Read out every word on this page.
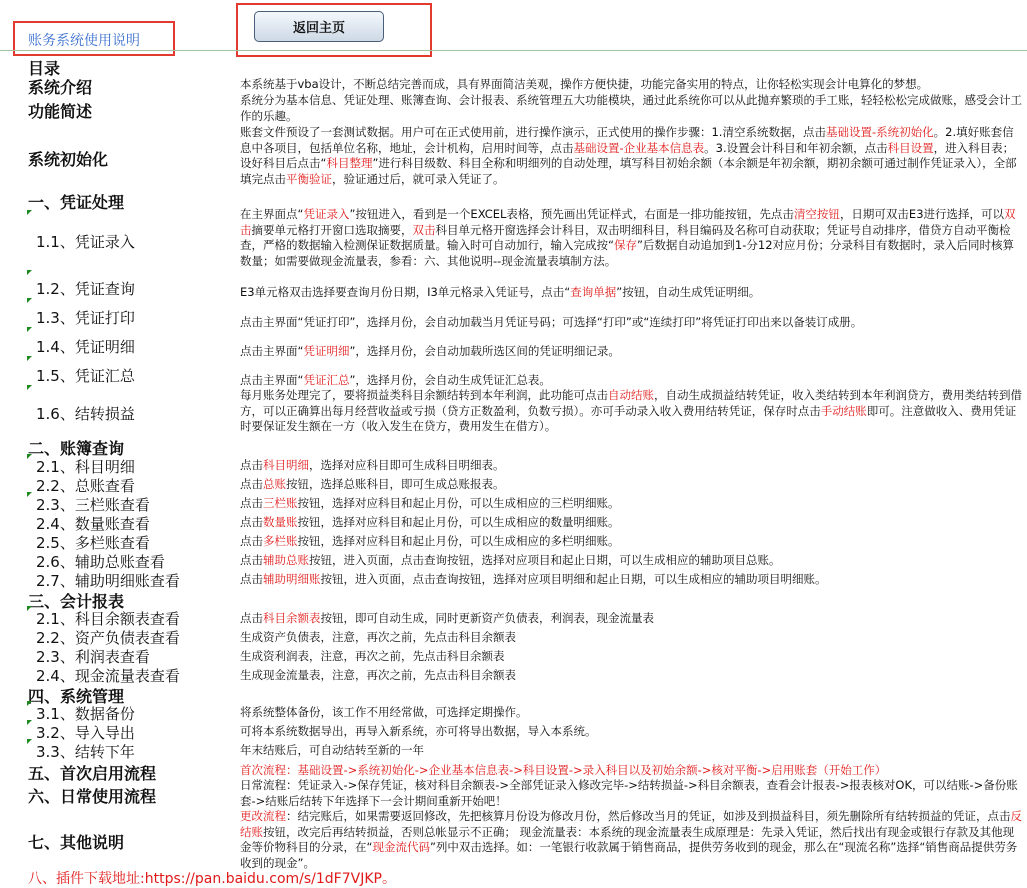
账务系统使用说明
返回主页
目录
系统介绍
功能简述
系统初始化
一、凭证处理
1.1、凭证录入
1.2、凭证查询
1.3、凭证打印
1.4、凭证明细
1.5、凭证汇总
1.6、结转损益
二、账簿查询
2.1、科目明细
2.2、总账查看
2.3、三栏账查看
2.4、数量账查看
2.5、多栏账查看
2.6、辅助总账查看
2.7、辅助明细账查看
三、会计报表
2.1、科目余额表查看
2.2、资产负债表查看
2.3、利润表查看
2.4、现金流量表查看
四、系统管理
3.1、数据备份
3.2、导入导出
3.3、结转下年
五、首次启用流程
六、日常使用流程
七、其他说明
八、插件下载地址:https://pan.baidu.com/s/1dF7VJKP。
本系统基于vba设计，不断总结完善而成，具有界面简洁美观，操作方便快捷，功能完备实用的特点，让你轻松实现会计电算化的梦想。
系统分为基本信息、凭证处理、账簿查询、会计报表、系统管理五大功能模块，通过此系统你可以从此抛弃繁琐的手工账，轻轻松松完成做账，感受会计工作的乐趣。
账套文件预设了一套测试数据。用户可在正式使用前，进行操作演示，正式使用的操作步骤：1.清空系统数据，点击基础设置-系统初始化。2.填好账套信息中各项目，包括单位名称，地址，会计机构，启用时间等，点击基础设置-企业基本信息表。3.设置会计科目和年初余额，点击科目设置，进入科目表；设好科目后点击“科目整理”进行科目级数、科目全称和明细列的自动处理，填写科目初始余额（本余额是年初余额，期初余额可通过制作凭证录入），全部填完点击平衡验证，验证通过后，就可录入凭证了。
在主界面点“凭证录入”按钮进入，看到是一个EXCEL表格，预先画出凭证样式，右面是一排功能按钮，先点击清空按钮，日期可双击E3进行选择，可以双击摘要单元格打开窗口选取摘要，双击科目单元格开窗选择会计科目，双击明细科目，科目编码及名称可自动获取；凭证号自动排序，借贷方自动平衡检查，严格的数据输入检测保证数据质量。输入时可自动加行，输入完成按“保存”后数据自动追加到1-分12对应月份；分录科目有数据时，录入后同时核算数量；如需要做现金流量表，参看：六、其他说明--现金流量表填制方法。
E3单元格双击选择要查询月份日期，I3单元格录入凭证号，点击“查询单据”按钮，自动生成凭证明细。
点击主界面“凭证打印”，选择月份，会自动加载当月凭证号码；可选择“打印”或“连续打印”将凭证打印出来以备装订成册。
点击主界面“凭证明细”，选择月份，会自动加载所选区间的凭证明细记录。
点击主界面“凭证汇总”，选择月份，会自动生成凭证汇总表。
每月账务处理完了，要将损益类科目余额结转到本年利润，此功能可点击自动结账，自动生成损益结转凭证，收入类结转到本年利润贷方，费用类结转到借方，可以正确算出每月经营收益或亏损（贷方正数盈利，负数亏损）。亦可手动录入收入费用结转凭证，保存时点击手动结账即可。注意做收入、费用凭证时要保证发生额在一方（收入发生在贷方，费用发生在借方）。
点击科目明细，选择对应科目即可生成科目明细表。
点击总账按钮，选择总账科目，即可生成总账报表。
点击三栏账按钮，选择对应科目和起止月份，可以生成相应的三栏明细账。
点击数量账按钮，选择对应科目和起止月份，可以生成相应的数量明细账。
点击多栏账按钮，选择对应科目和起止月份，可以生成相应的多栏明细账。
点击辅助总账按钮，进入页面，点击查询按钮，选择对应项目和起止日期，可以生成相应的辅助项目总账。
点击辅助明细账按钮，进入页面，点击查询按钮，选择对应项目明细和起止日期，可以生成相应的辅助项目明细账。
点击科目余额表按钮，即可自动生成，同时更新资产负债表，利润表，现金流量表
生成资产负债表，注意，再次之前，先点击科目余额表
生成资利润表，注意，再次之前，先点击科目余额表
生成现金流量表，注意，再次之前，先点击科目余额表
将系统整体备份，该工作不用经常做，可选择定期操作。
可将本系统数据导出，再导入新系统，亦可将导出数据，导入本系统。
年末结账后，可自动结转至新的一年
首次流程：基础设置->系统初始化->企业基本信息表->科目设置->录入科目以及初始余额->核对平衡->启用账套（开始工作）
日常流程：凭证录入->保存凭证，核对科目余额表->全部凭证录入修改完毕->结转损益->科目余额表，查看会计报表->报表核对OK，可以结账->备份账套->结账后结转下年选择下一会计期间重新开始吧！
更改流程：结完账后，如果需要返回修改，先把核算月份设为修改月份，然后修改当月的凭证，如涉及到损益科目，须先删除所有结转损益的凭证，点击反结账按钮，改完后再结转损益，否则总帐显示不正确； 现金流量表：本系统的现金流量表生成原理是：先录入凭证，然后找出有现金或银行存款及其他现金等价物科目的分录，在“现金流代码”列中双击选择。如：一笔银行收款属于销售商品，提供劳务收到的现金，那么在“现流名称”选择“销售商品提供劳务收到的现金”。
